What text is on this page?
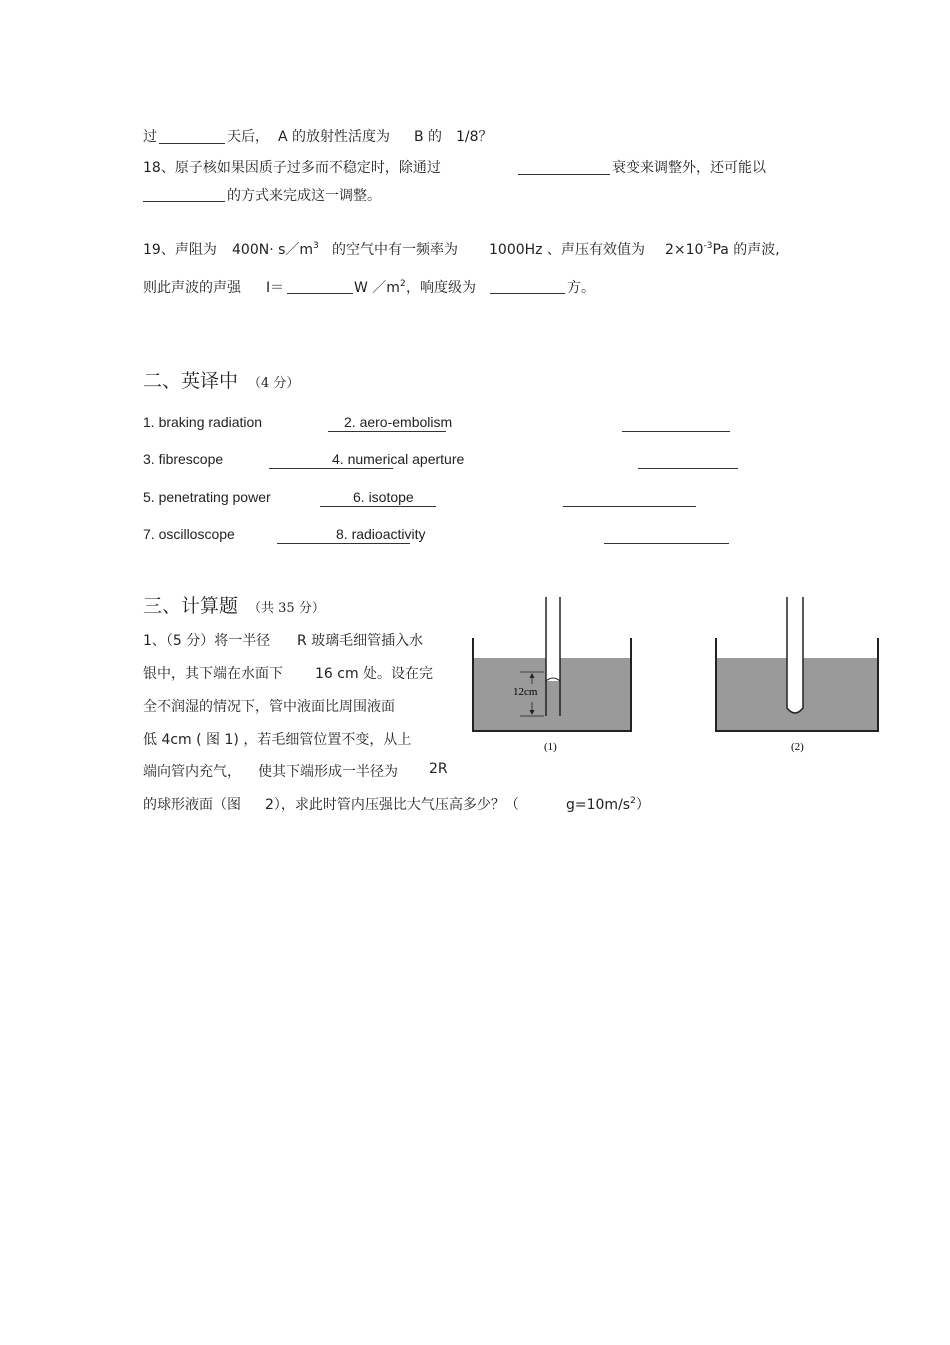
过	天后， A 的放射性活度为 B 的 1/8？
18、原子核如果因质子过多而不稳定时，除通过	衰变来调整外，还可能以
的方式来完成这一调整。
19、声阻为 $400N\cdot s/m^3$ 的空气中有一频率为 1000Hz 、声压有效值为 $2\times 10^{-3}Pa$ 的声波,
则此声波的声强 I＝	W $/m^2$ ，响度级为	方。
二、英译中 （4 分）
1. braking radiation	2. aero-embolism
3. fibrescope	4. numerical aperture
5. penetrating power	6. isotope
7. oscilloscope	8. radioactivity
三、计算题 （共 35 分）
1、（5 分）将一半径 R 玻璃毛细管插入水
银中，其下端在水面下 16 cm 处。设在完
全不润湿的情况下，管中液面比周围液面
低 4cm ( 图 1) ，若毛细管位置不变，从上
端向管内充气， 使其下端形成一半径为 2R
的球形液面（图 2），求此时管内压强比大气压高多少？（	$g=10m/s^2$）
12cm
(1)	(2)
